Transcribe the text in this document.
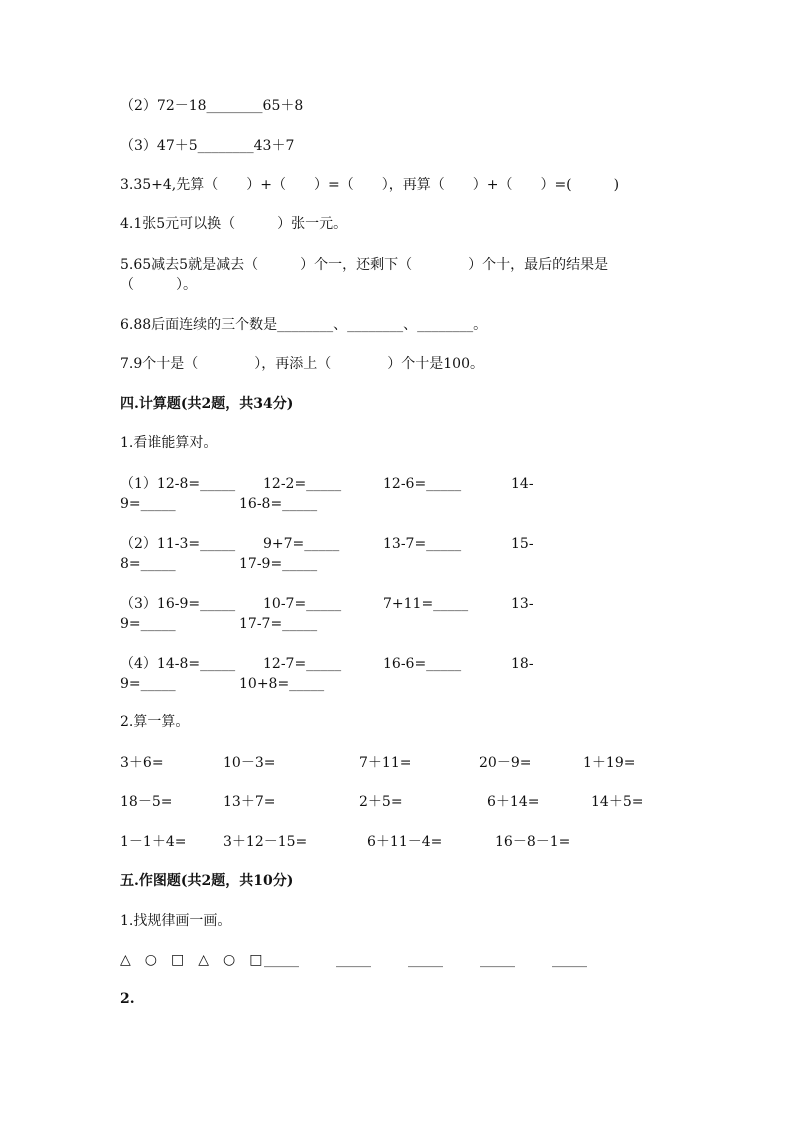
（2）72－18________65＋8
（3）47＋5________43＋7
3.35+4,先算（　　）+（　　）=（　　），再算（　　）+（　　）=(　　　)
4.1张5元可以换（　　　）张一元。
5.65减去5就是减去（　　　）个一，还剩下（　　　　）个十，最后的结果是
（　　　）。
6.88后面连续的三个数是________、________、________。
7.9个十是（　　　　），再添上（　　　　）个十是100。
四.计算题(共2题，共34分)
1.看谁能算对。
（1）12-8=_____ 12-2=_____	12-6=_____	14-
9=_____	16-8=_____
（2）11-3=_____ 9+7=_____	13-7=_____	15-
8=_____	17-9=_____
（3）16-9=_____ 10-7=_____	7+11=_____	13-
9=_____	17-7=_____
（4）14-8=_____ 12-7=_____	16-6=_____	18-
9=_____	10+8=_____
2.算一算。
3＋6=	10－3=	7＋11=	20－9=	1＋19=
18－5=	13＋7=	2＋5=	6＋14=	14＋5=
1－1＋4=	3＋12－15=	6＋11－4=	16－8－1=
五.作图题(共2题，共10分)
1.找规律画一画。
△　○　□　△　○　□ _____	_____	_____	_____	_____
2.
